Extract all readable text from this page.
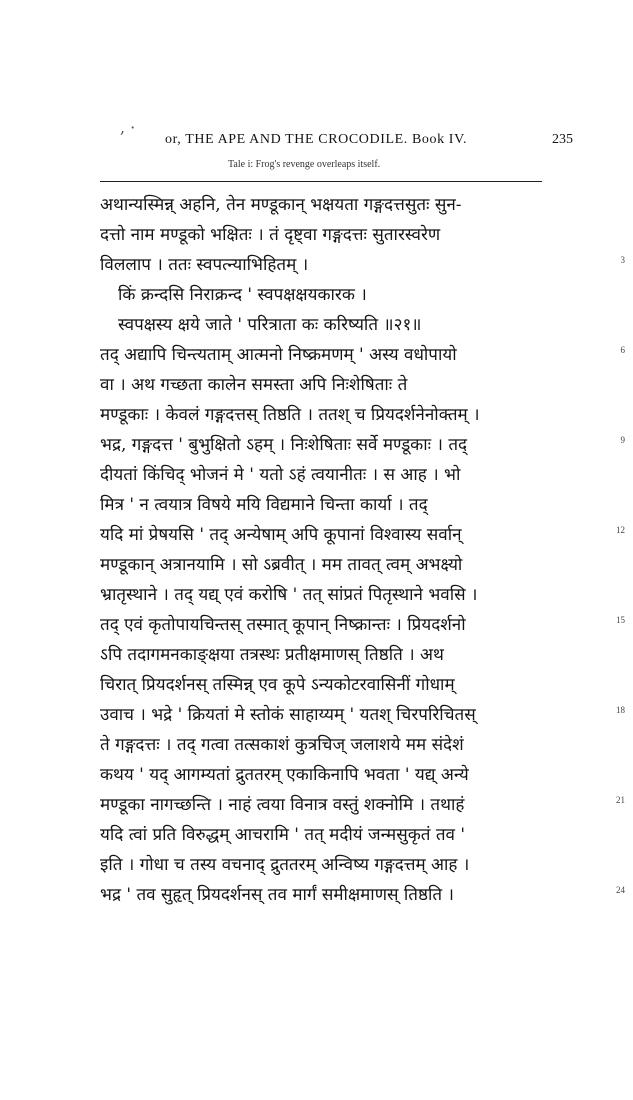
, ·
or, THE APE AND THE CROCODILE. Book IV.	235
Tale i: Frog's revenge overleaps itself.
अथान्यस्मिन्न् अहनि, तेन मण्डूकान् भक्षयता गङ्गदत्तसुतः सुन-
दत्तो नाम मण्डूको भक्षितः । तं दृष्ट्वा गङ्गदत्तः सुतारस्वरेण
विललाप । ततः स्वपत्न्याभिहितम् ।
किं क्रन्दसि निराक्रन्द ' स्वपक्षक्षयकारक ।
स्वपक्षस्य क्षये जाते ' परित्राता कः करिष्यति ॥२१॥
तद् अद्यापि चिन्त्यताम् आत्मनो निष्क्रमणम् ' अस्य वधोपायो
वा । अथ गच्छता कालेन समस्ता अपि निःशेषिताः ते
मण्डूकाः । केवलं गङ्गदत्तस् तिष्ठति । ततश् च प्रियदर्शनेनोक्तम् ।
भद्र, गङ्गदत्त ' बुभुक्षितो ऽहम् । निःशेषिताः सर्वे मण्डूकाः । तद्
दीयतां किंचिद् भोजनं मे ' यतो ऽहं त्वयानीतः । स आह । भो
मित्र ' न त्वयात्र विषये मयि विद्यमाने चिन्ता कार्या । तद्
यदि मां प्रेषयसि ' तद् अन्येषाम् अपि कूपानां विश्वास्य सर्वान्
मण्डूकान् अत्रानयामि । सो ऽब्रवीत् । मम तावत् त्वम् अभक्ष्यो
भ्रातृस्थाने । तद् यद्य् एवं करोषि ' तत् सांप्रतं पितृस्थाने भवसि ।
तद् एवं कृतोपायचिन्तस् तस्मात् कूपान् निष्क्रान्तः । प्रियदर्शनो
ऽपि तदागमनकाङ्क्षया तत्रस्थः प्रतीक्षमाणस् तिष्ठति । अथ
चिरात् प्रियदर्शनस् तस्मिन्न् एव कूपे ऽन्यकोटरवासिनीं गोधाम्
उवाच । भद्रे ' क्रियतां मे स्तोकं साहाय्यम् ' यतश् चिरपरिचितस्
ते गङ्गदत्तः । तद् गत्वा तत्सकाशं कुत्रचिज् जलाशये मम संदेशं
कथय ' यद् आगम्यतां द्रुततरम् एकाकिनापि भवता ' यद्य् अन्ये
मण्डूका नागच्छन्ति । नाहं त्वया विनात्र वस्तुं शक्नोमि । तथाहं
यदि त्वां प्रति विरुद्धम् आचरामि ' तत् मदीयं जन्मसुकृतं तव '
इति । गोधा च तस्य वचनाद् द्रुततरम् अन्विष्य गङ्गदत्तम् आह ।
भद्र ' तव सुहृत् प्रियदर्शनस् तव मार्गं समीक्षमाणस् तिष्ठति ।
3
6
9
12
15
18
21
24
